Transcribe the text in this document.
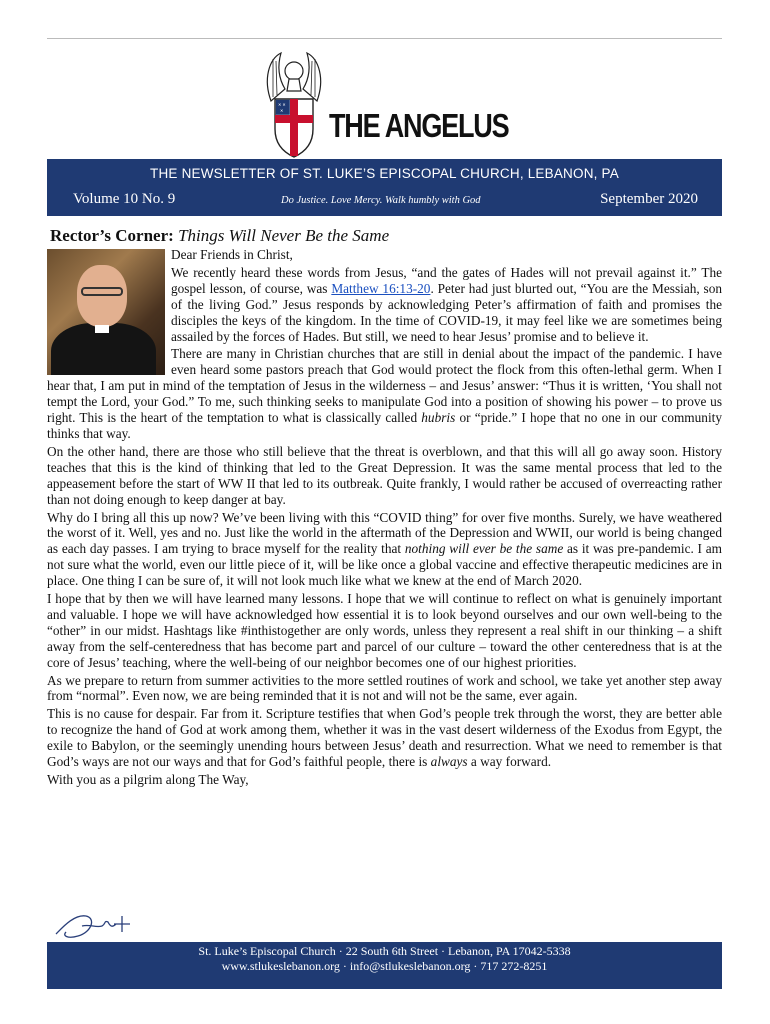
✕ ✕
✕ THE ANGELUS
THE NEWSLETTER OF ST. LUKE’S EPISCOPAL CHURCH, LEBANON, PA
Volume 10 No. 9	Do Justice. Love Mercy. Walk humbly with God	September 2020
Rector’s Corner: Things Will Never Be the Same

Dear Friends in Christ,

We recently heard these words from Jesus, “and the gates of Hades will not prevail against it.” The gospel lesson, of course, was Matthew 16:13-20. Peter had just blurted out, “You are the Messiah, son of the living God.” Jesus responds by acknowledging Peter’s affirmation of faith and promises the disciples the keys of the kingdom. In the time of COVID-19, it may feel like we are sometimes being assailed by the forces of Hades. But still, we need to hear Jesus’ promise and to believe it.

There are many in Christian churches that are still in denial about the impact of the pandemic. I have even heard some pastors preach that God would protect the flock from this often-lethal germ. When I hear that, I am put in mind of the temptation of Jesus in the wilderness – and Jesus’ answer: “Thus it is written, ‘You shall not tempt the Lord, your God.” To me, such thinking seeks to manipulate God into a position of showing his power – to prove us right. This is the heart of the temptation to what is classically called hubris or “pride.” I hope that no one in our community thinks that way.

On the other hand, there are those who still believe that the threat is overblown, and that this will all go away soon. History teaches that this is the kind of thinking that led to the Great Depression. It was the same mental process that led to the appeasement before the start of WW II that led to its outbreak. Quite frankly, I would rather be accused of overreacting rather than not doing enough to keep danger at bay.

Why do I bring all this up now? We’ve been living with this “COVID thing” for over five months. Surely, we have weathered the worst of it. Well, yes and no. Just like the world in the aftermath of the Depression and WWII, our world is being changed as each day passes. I am trying to brace myself for the reality that nothing will ever be the same as it was pre-pandemic. I am not sure what the world, even our little piece of it, will be like once a global vaccine and effective therapeutic medicines are in place. One thing I can be sure of, it will not look much like what we knew at the end of March 2020.

I hope that by then we will have learned many lessons. I hope that we will continue to reflect on what is genuinely important and valuable. I hope we will have acknowledged how essential it is to look beyond ourselves and our own well-being to the “other” in our midst. Hashtags like #inthistogether are only words, unless they represent a real shift in our thinking – a shift away from the self-centeredness that has become part and parcel of our culture – toward the other centeredness that is at the core of Jesus’ teaching, where the well-being of our neighbor becomes one of our highest priorities.

As we prepare to return from summer activities to the more settled routines of work and school, we take yet another step away from “normal”. Even now, we are being reminded that it is not and will not be the same, ever again.

This is no cause for despair. Far from it. Scripture testifies that when God’s people trek through the worst, they are better able to recognize the hand of God at work among them, whether it was in the vast desert wilderness of the Exodus from Egypt, the exile to Babylon, or the seemingly unending hours between Jesus’ death and resurrection. What we need to remember is that God’s ways are not our ways and that for God’s faithful people, there is always a way forward.

With you as a pilgrim along The Way,

St. Luke’s Episcopal Church · 22 South 6th Street · Lebanon, PA 17042-5338
www.stlukeslebanon.org · info@stlukeslebanon.org · 717 272-8251
